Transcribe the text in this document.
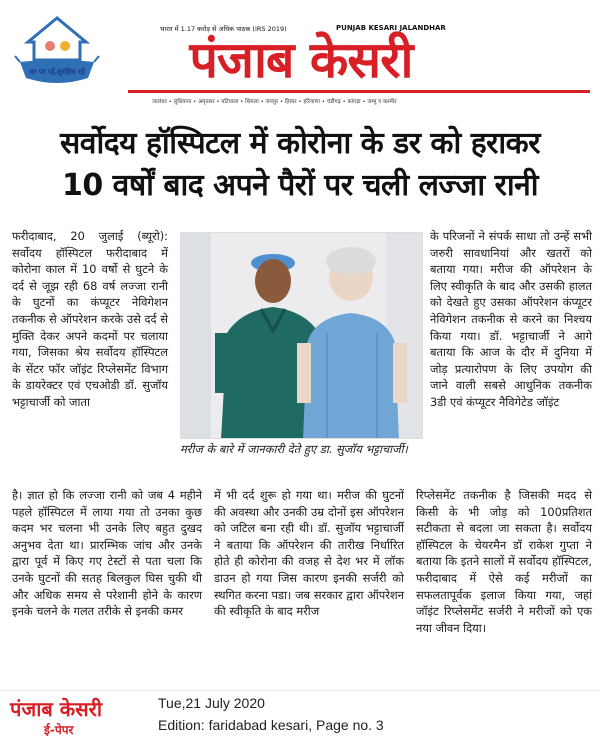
घर पर रहें,सुरक्षित रहें
भारत में 1.17 करोड़ से अधिक पाठक (IRS 2019)	PUNJAB KESARI JALANDHAR
पंजाब केसरी
जालंधर • लुधियाना • अमृतसर • पटियाला • शिमला • जयपुर • हिसार • हरियाणा • चंडीगढ़ • कांगड़ा • जम्मू व कश्मीर
सर्वोदय हॉस्पिटल में कोरोना के डर को हराकर
10 वर्षों बाद अपने पैरों पर चली लज्जा रानी
फरीदाबाद, 20 जुलाई (ब्यूरो): सर्वोदय हॉस्पिटल फरीदाबाद में कोरोना काल में 10 वर्षो से घुटने के दर्द से जूझ रही 68 वर्ष लज्जा रानी के घुटनों का कंप्यूटर नेविगेशन तकनीक से ऑपरेशन करके उसे दर्द से मुक्ति देकर अपने कदमों पर चलाया गया, जिसका श्रेय सर्वोदय हॉस्पिटल के सेंटर फॉर जॉइंट रिप्लेसमेंट विभाग के डायरेक्टर एवं एचओडी डॉ. सुजॉय भट्टाचार्जी को जाता
मरीज के बारे में जानकारी देते हुए डा. सुजॉय भट्टाचार्जी।
के परिजनों ने संपर्क साधा तो उन्हें सभी जरुरी सावधानियां और खतरों को बताया गया। मरीज की ऑपरेशन के लिए स्वीकृति के बाद और उसकी हालत को देखते हुए उसका ऑपरेशन कंप्यूटर नेविगेशन तकनीक से करने का निश्चय किया गया। डॉ. भट्टाचार्जी ने आगे बताया कि आज के दौर में दुनिया में जोड़ प्रत्यारोपण के लिए उपयोग की जाने वाली सबसे आधुनिक तकनीक 3डी एवं कंप्यूटर नैविगेटेड जॉइंट
है। ज्ञात हो कि लज्जा रानी को जब 4 महीने पहले हॉस्पिटल में लाया गया तो उनका कुछ कदम भर चलना भी उनके लिए बहुत दुखद अनुभव देता था। प्रारम्भिक जांच और उनके द्वारा पूर्व में किए गए टेस्टों से पता चला कि उनके घुटनों की सतह बिलकुल घिस चुकी थी और अधिक समय से परेशानी होने के कारण इनके चलने के गलत तरीके से इनकी कमर
में भी दर्द शुरू हो गया था। मरीज की घुटनों की अवस्था और उनकी उम्र दोनों इस ऑपरेशन को जटिल बना रही थी। डॉ. सुजॉय भट्टाचार्जी ने बताया कि ऑपरेशन की तारीख निर्धारित होते ही कोरोना की वजह से देश भर में लॉक डाउन हो गया जिस कारण इनकी सर्जरी को स्थगित करना पडा। जब सरकार द्वारा ऑपरेशन की स्वीकृति के बाद मरीज
रिप्लेसमेंट तकनीक है जिसकी मदद से किसी के भी जोड़ को 100प्रतिशत सटीकता से बदला जा सकता है। सर्वोदय हॉस्पिटल के चेयरमैन डॉ राकेश गुप्ता ने बताया कि इतने सालों में सर्वोदय हॉस्पिटल, फरीदाबाद में ऐसे कई मरीजों का सफलतापूर्वक इलाज किया गया, जहां जॉइंट रिप्लेसमेंट सर्जरी ने मरीजों को एक नया जीवन दिया।
पंजाब केसरी
ई-पेपर
Tue,21 July 2020
Edition: faridabad kesari, Page no. 3
